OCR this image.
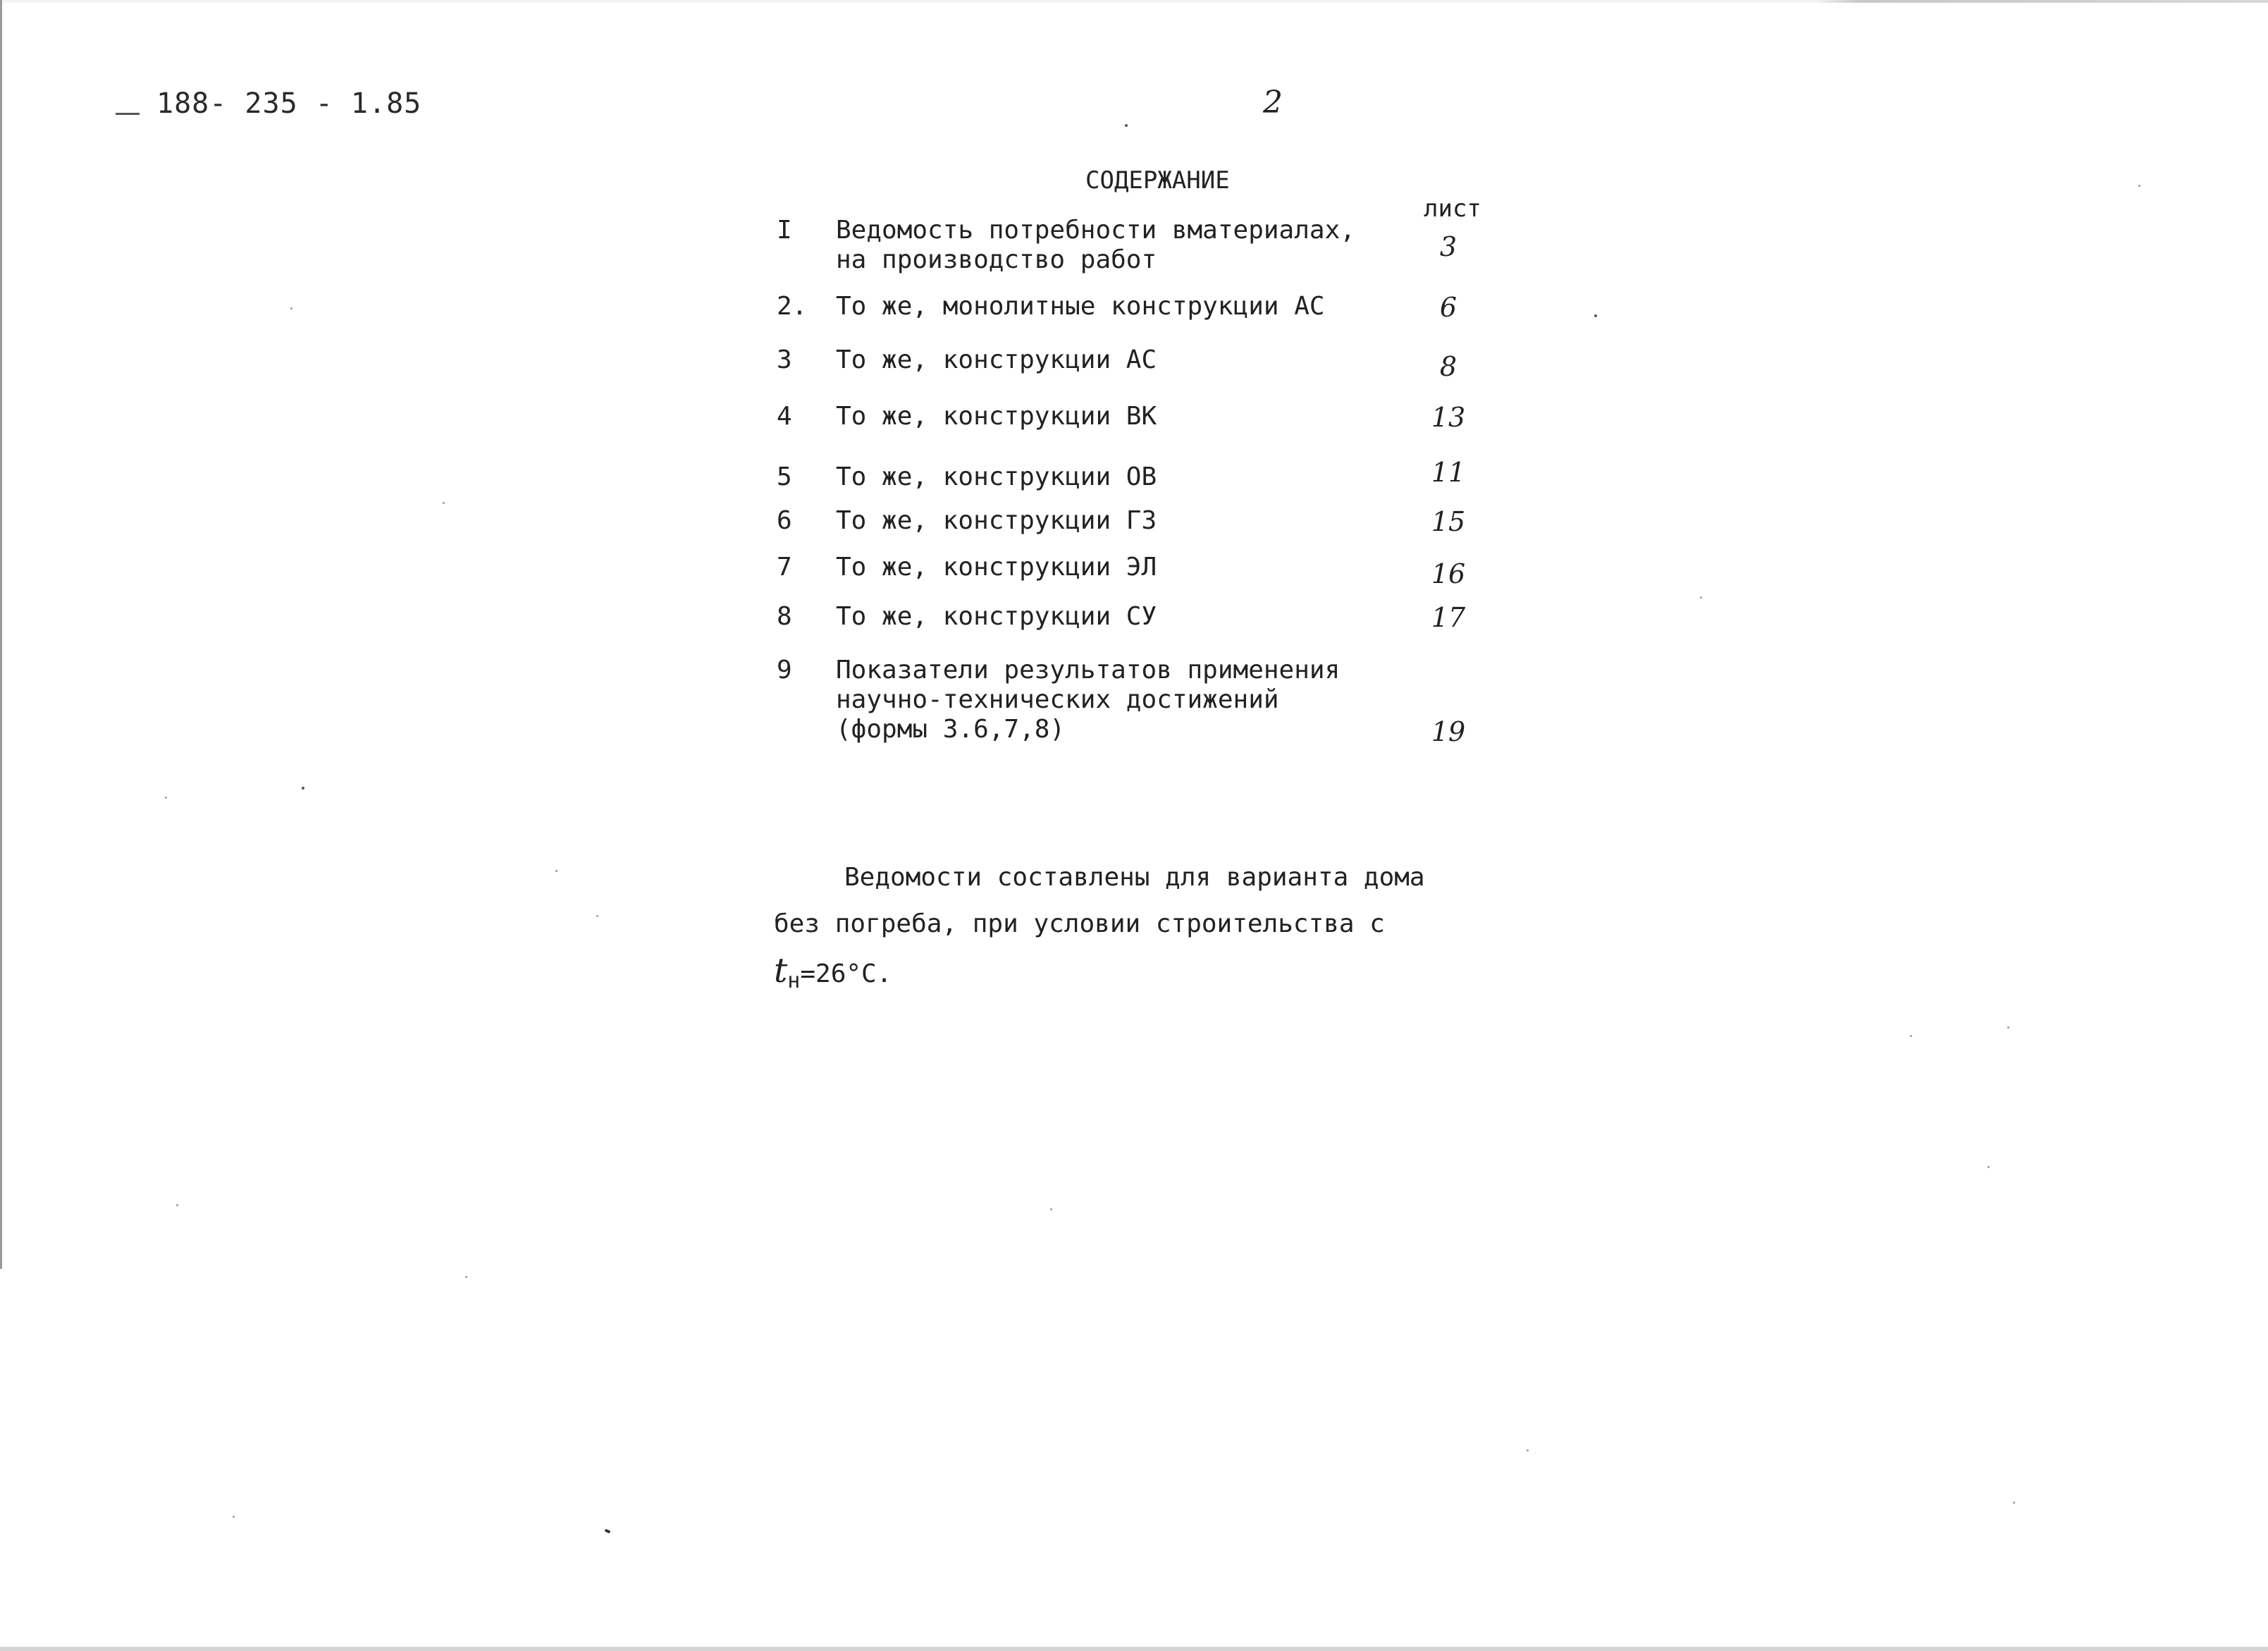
188- 235 - 1.85	2
СОДЕРЖАНИЕ
лист
I	Ведомость потребности вматериалах,
на производство работ	3
2. То же, монолитные конструкции АС	6
3	То же, конструкции АС	8
4	То же, конструкции ВК	13
5	То же, конструкции ОВ	11
6	То же, конструкции ГЗ	15
7	То же, конструкции ЭЛ	16
8	То же, конструкции СУ	17
9	Показатели результатов применения
научно-технических достижений
(формы 3.6,7,8)	19
Ведомости составлены для варианта дома
без погреба, при условии строительства с
$t_н=26^\circ С$.
